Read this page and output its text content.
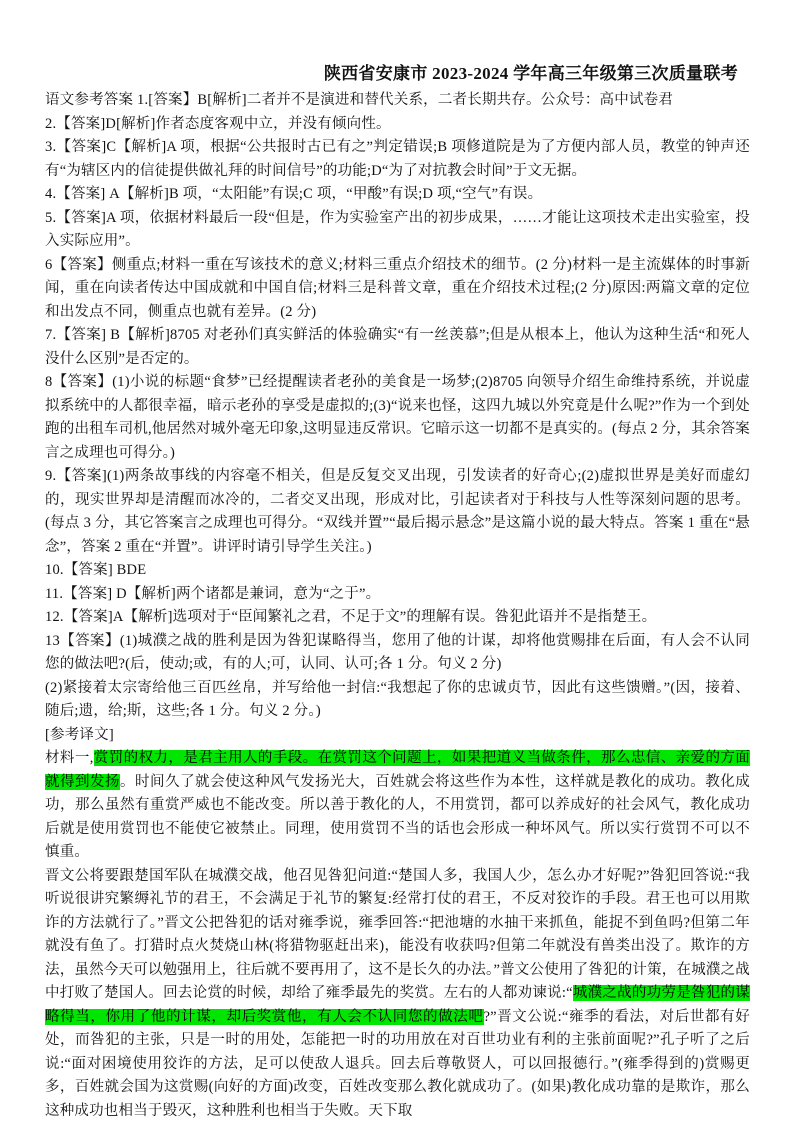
陕西省安康市 2023-2024 学年高三年级第三次质量联考

语文参考答案 1.[答案】B[解析]二者并不是演进和替代关系，二者长期共存。公众号：高中试卷君

2.【答案]D[解析]作者态度客观中立，并没有倾向性。

3.【答案]C【解析]A 项，根据“公共报时古已有之”判定错误;B 项修道院是为了方便内部人员，教堂的钟声还有“为辖区内的信徒提供做礼拜的时间信号”的功能;D“为了对抗教会时间”于文无据。

4.【答案] A【解析]B 项，“太阳能”有误;C 项，“甲酸”有误;D 项,“空气”有误。

5.【答案]A 项，依据材料最后一段“但是，作为实验室产出的初步成果，……才能让这项技术走出实验室，投入实际应用”。

6【答案】侧重点;材料一重在写该技术的意义;材料三重点介绍技术的细节。(2 分)材料一是主流媒体的时事新闻，重在向读者传达中国成就和中国自信;材料三是科普文章，重在介绍技术过程;(2 分)原因:两篇文章的定位和出发点不同，侧重点也就有差异。(2 分)

7.【答案] B【解析]8705 对老孙们真实鲜活的体验确实“有一丝羡慕”;但是从根本上，他认为这种生活“和死人没什么区别”是否定的。

8【答案】(1)小说的标题“食梦”已经提醒读者老孙的美食是一场梦;(2)8705 向领导介绍生命维持系统，并说虚拟系统中的人都很幸福，暗示老孙的享受是虚拟的;(3)“说来也怪，这四九城以外究竟是什么呢?”作为一个到处跑的出租车司机,他居然对城外毫无印象,这明显违反常识。它暗示这一切都不是真实的。(每点 2 分，其余答案言之成理也可得分。)

9.【答案](1)两条故事线的内容毫不相关，但是反复交叉出现，引发读者的好奇心;(2)虚拟世界是美好而虚幻的，现实世界却是清醒而冰冷的，二者交叉出现，形成对比，引起读者对于科技与人性等深刻问题的思考。(每点 3 分，其它答案言之成理也可得分。“双线并置”“最后揭示悬念”是这篇小说的最大特点。答案 1 重在“悬念”，答案 2 重在“并置”。讲评时请引导学生关注。)

10.【答案] BDE

11.【答案] D【解析]两个诸都是兼词，意为“之于”。

12.【答案]A【解析]选项对于“臣闻繁礼之君，不足于文”的理解有误。咎犯此语并不是指楚王。

13【答案】(1)城濮之战的胜利是因为咎犯谋略得当，您用了他的计谋，却将他赏赐排在后面，有人会不认同您的做法吧?(后，使动;或，有的人;可，认同、认可;各 1 分。句义 2 分)

(2)紧接着太宗寄给他三百匹丝帛，并写给他一封信:“我想起了你的忠诚贞节，因此有这些馈赠。”(因，接着、随后;遗，给;斯，这些;各 1 分。句义 2 分。)

[参考译文]

材料一,赏罚的权力，是君主用人的手段。在赏罚这个问题上，如果把道义当做条件，那么忠信、亲爱的方面就得到发扬。时间久了就会使这种风气发扬光大，百姓就会将这些作为本性，这样就是教化的成功。教化成功，那么虽然有重赏严威也不能改变。所以善于教化的人，不用赏罚，都可以养成好的社会风气，教化成功后就是使用赏罚也不能使它被禁止。同理，使用赏罚不当的话也会形成一种坏风气。所以实行赏罚不可以不慎重。

晋文公将要跟楚国军队在城濮交战，他召见咎犯问道:“楚国人多，我国人少，怎么办才好呢?”咎犯回答说:“我听说很讲究繁缛礼节的君王，不会满足于礼节的繁复:经常打仗的君王，不反对狡诈的手段。君王也可以用欺诈的方法就行了。”晋文公把咎犯的话对雍季说，雍季回答:“把池塘的水抽干来抓鱼，能捉不到鱼吗?但第二年就没有鱼了。打猎时点火焚烧山林(将猎物驱赶出来)，能没有收获吗?但第二年就没有兽类出没了。欺诈的方法，虽然今天可以勉强用上，往后就不要再用了，这不是长久的办法。”普文公使用了咎犯的计策，在城濮之战中打败了楚国人。回去论赏的时候，却给了雍季最先的奖赏。左右的人都劝谏说:“城濮之战的功劳是咎犯的谋略得当，你用了他的计谋，却后奖赏他，有人会不认同您的做法吧?”晋文公说:“雍季的看法，对后世都有好处，而咎犯的主张，只是一时的用处，怎能把一时的功用放在对百世功业有利的主张前面呢?”孔子听了之后说:“面对困境使用狡诈的方法，足可以使敌人退兵。回去后尊敬贤人，可以回报德行。”(雍季得到的)赏赐更多，百姓就会国为这赏赐(向好的方面)改变，百姓改变那么教化就成功了。(如果)教化成功靠的是欺诈，那么这种成功也相当于毁灭，这种胜利也相当于失败。天下取
